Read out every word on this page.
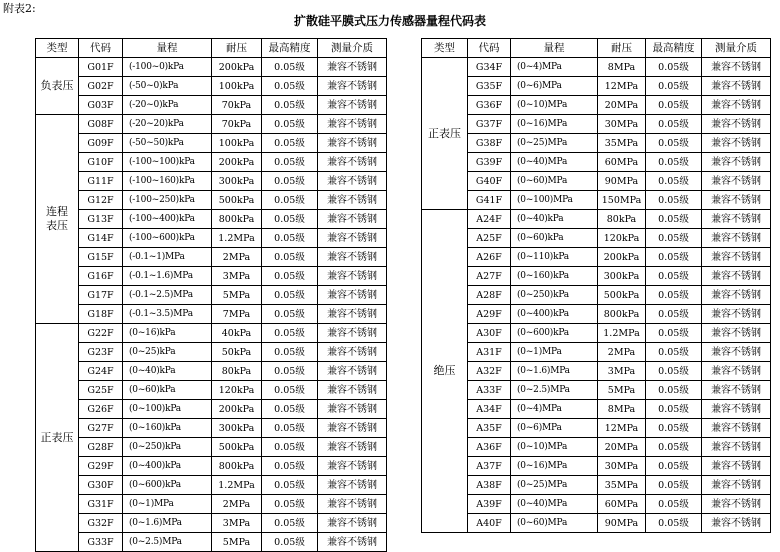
附表2:
扩散硅平膜式压力传感器量程代码表
类型	代码	量程	耐压	最高精度	测量介质
负表压	G01F	(-100~0)kPa	200kPa	0.05级	兼容不锈钢
	G02F	(-50~0)kPa	100kPa	0.05级	兼容不锈钢
	G03F	(-20~0)kPa	70kPa	0.05级	兼容不锈钢
连程
表压	G08F	(-20~20)kPa	70kPa	0.05级	兼容不锈钢
	G09F	(-50~50)kPa	100kPa	0.05级	兼容不锈钢
	G10F	(-100~100)kPa	200kPa	0.05级	兼容不锈钢
	G11F	(-100~160)kPa	300kPa	0.05级	兼容不锈钢
	G12F	(-100~250)kPa	500kPa	0.05级	兼容不锈钢
	G13F	(-100~400)kPa	800kPa	0.05级	兼容不锈钢
	G14F	(-100~600)kPa	1.2MPa	0.05级	兼容不锈钢
	G15F	(-0.1~1)MPa	2MPa	0.05级	兼容不锈钢
	G16F	(-0.1~1.6)MPa	3MPa	0.05级	兼容不锈钢
	G17F	(-0.1~2.5)MPa	5MPa	0.05级	兼容不锈钢
	G18F	(-0.1~3.5)MPa	7MPa	0.05级	兼容不锈钢
正表压	G22F	(0~16)kPa	40kPa	0.05级	兼容不锈钢
	G23F	(0~25)kPa	50kPa	0.05级	兼容不锈钢
	G24F	(0~40)kPa	80kPa	0.05级	兼容不锈钢
	G25F	(0~60)kPa	120kPa	0.05级	兼容不锈钢
	G26F	(0~100)kPa	200kPa	0.05级	兼容不锈钢
	G27F	(0~160)kPa	300kPa	0.05级	兼容不锈钢
	G28F	(0~250)kPa	500kPa	0.05级	兼容不锈钢
	G29F	(0~400)kPa	800kPa	0.05级	兼容不锈钢
	G30F	(0~600)kPa	1.2MPa	0.05级	兼容不锈钢
	G31F	(0~1)MPa	2MPa	0.05级	兼容不锈钢
	G32F	(0~1.6)MPa	3MPa	0.05级	兼容不锈钢
	G33F	(0~2.5)MPa	5MPa	0.05级	兼容不锈钢
类型	代码	量程	耐压	最高精度	测量介质
正表压	G34F	(0~4)MPa	8MPa	0.05级	兼容不锈钢
	G35F	(0~6)MPa	12MPa	0.05级	兼容不锈钢
	G36F	(0~10)MPa	20MPa	0.05级	兼容不锈钢
	G37F	(0~16)MPa	30MPa	0.05级	兼容不锈钢
	G38F	(0~25)MPa	35MPa	0.05级	兼容不锈钢
	G39F	(0~40)MPa	60MPa	0.05级	兼容不锈钢
	G40F	(0~60)MPa	90MPa	0.05级	兼容不锈钢
	G41F	(0~100)MPa	150MPa	0.05级	兼容不锈钢
绝压	A24F	(0~40)kPa	80kPa	0.05级	兼容不锈钢
	A25F	(0~60)kPa	120kPa	0.05级	兼容不锈钢
	A26F	(0~110)kPa	200kPa	0.05级	兼容不锈钢
	A27F	(0~160)kPa	300kPa	0.05级	兼容不锈钢
	A28F	(0~250)kPa	500kPa	0.05级	兼容不锈钢
	A29F	(0~400)kPa	800kPa	0.05级	兼容不锈钢
	A30F	(0~600)kPa	1.2MPa	0.05级	兼容不锈钢
	A31F	(0~1)MPa	2MPa	0.05级	兼容不锈钢
	A32F	(0~1.6)MPa	3MPa	0.05级	兼容不锈钢
	A33F	(0~2.5)MPa	5MPa	0.05级	兼容不锈钢
	A34F	(0~4)MPa	8MPa	0.05级	兼容不锈钢
	A35F	(0~6)MPa	12MPa	0.05级	兼容不锈钢
	A36F	(0~10)MPa	20MPa	0.05级	兼容不锈钢
	A37F	(0~16)MPa	30MPa	0.05级	兼容不锈钢
	A38F	(0~25)MPa	35MPa	0.05级	兼容不锈钢
	A39F	(0~40)MPa	60MPa	0.05级	兼容不锈钢
	A40F	(0~60)MPa	90MPa	0.05级	兼容不锈钢
